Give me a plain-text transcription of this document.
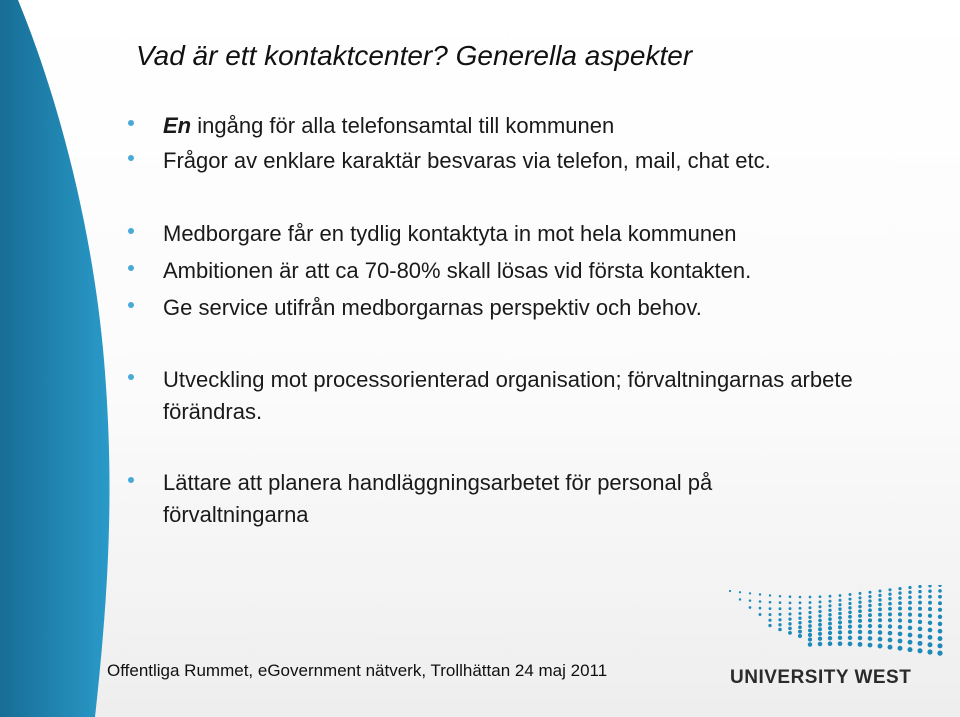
Vad är ett kontaktcenter? Generella aspekter
En ingång för alla telefonsamtal till kommunen
Frågor av enklare karaktär besvaras via telefon, mail, chat etc.
Medborgare får en tydlig kontaktyta in mot hela kommunen
Ambitionen är att ca 70-80% skall lösas vid första kontakten.
Ge service utifrån medborgarnas perspektiv och behov.
Utveckling mot processorienterad organisation; förvaltningarnas arbete förändras.
Lättare att planera handläggningsarbetet för personal på förvaltningarna
Offentliga Rummet, eGovernment nätverk, Trollhättan 24 maj 2011	UNIVERSITY WEST
